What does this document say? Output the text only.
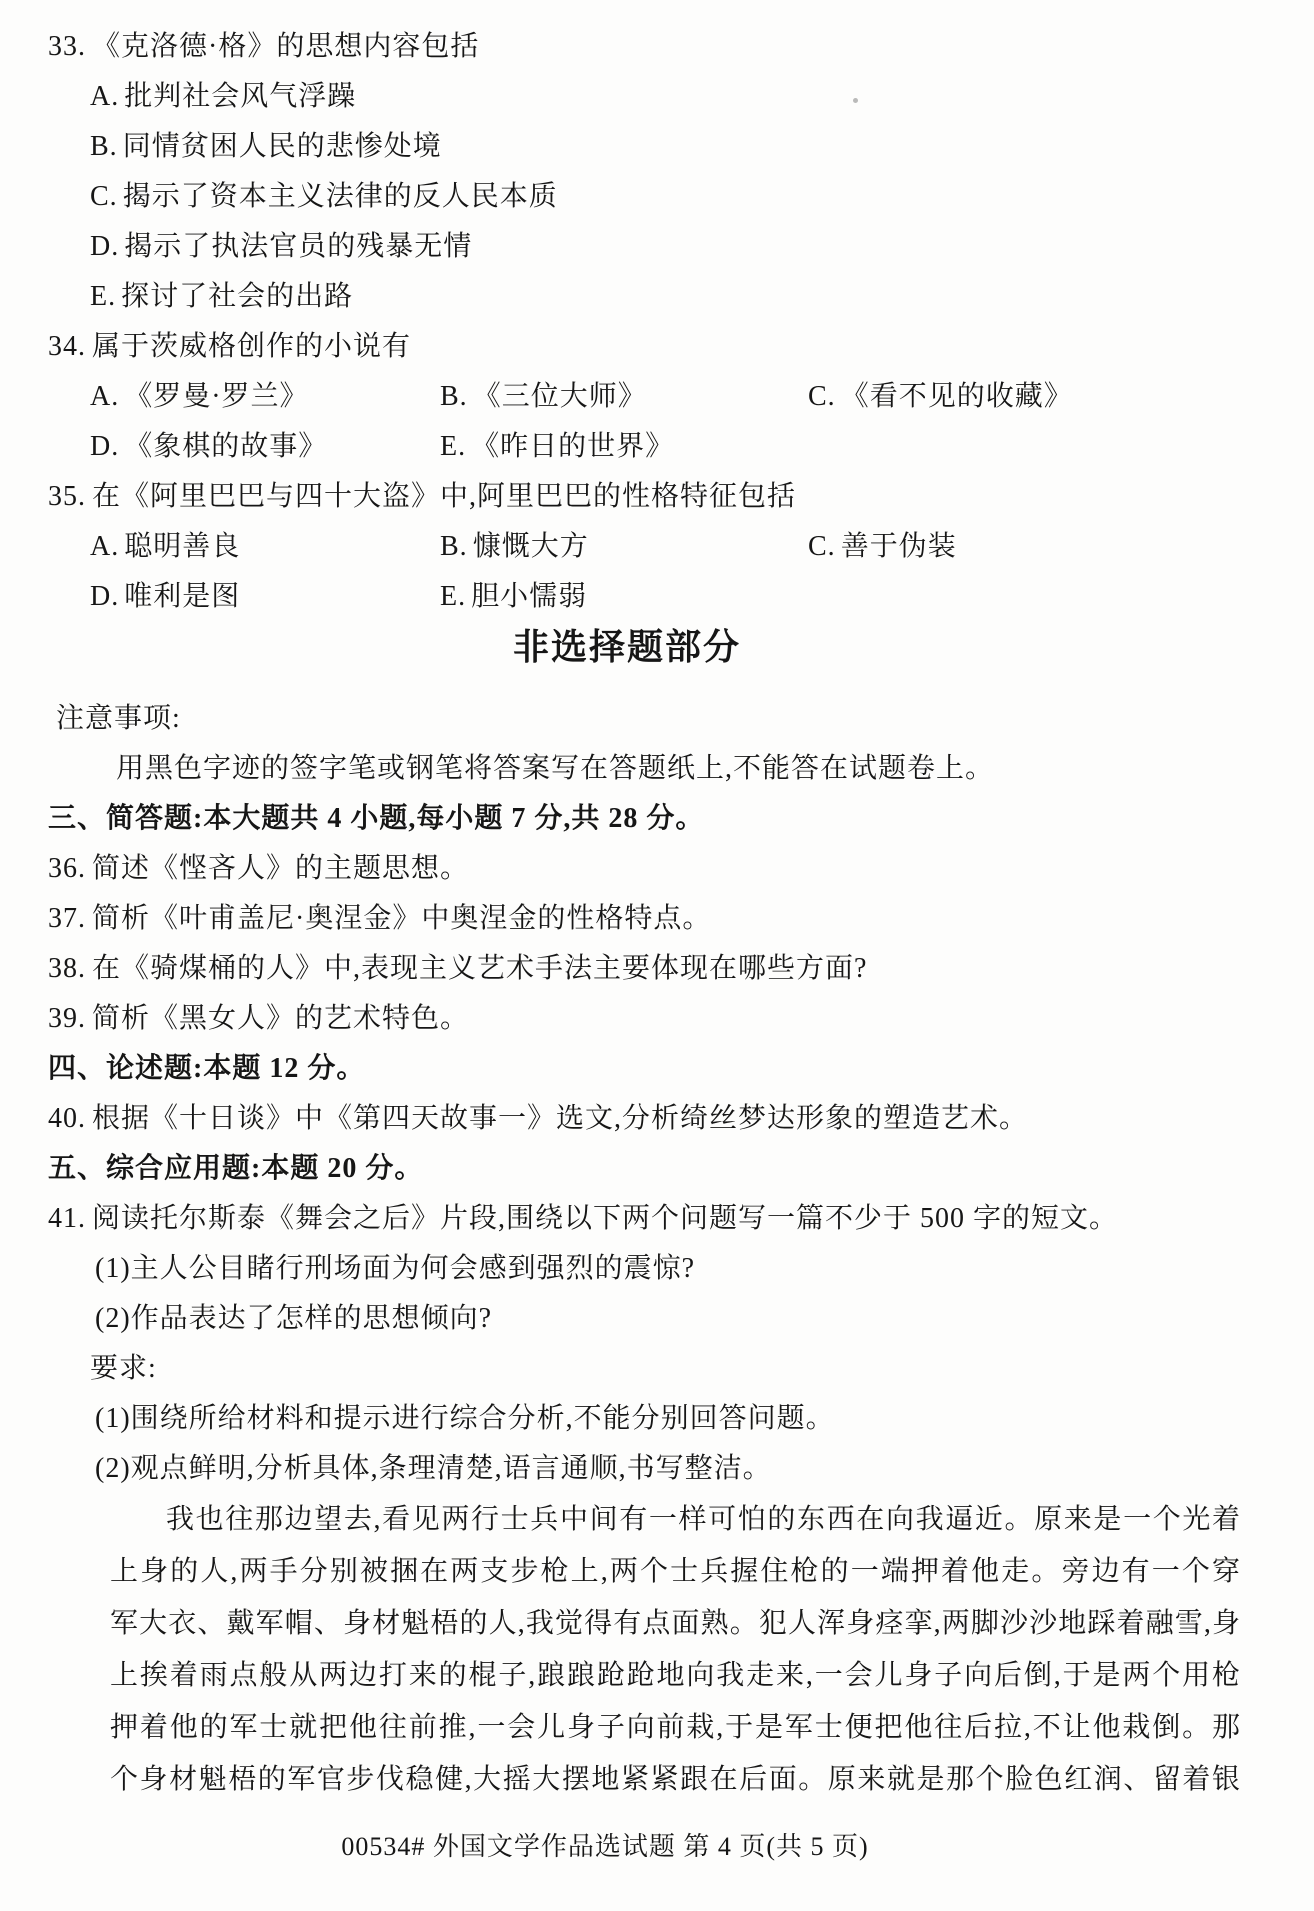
33. 《克洛德·格》的思想内容包括
A. 批判社会风气浮躁
B. 同情贫困人民的悲惨处境
C. 揭示了资本主义法律的反人民本质
D. 揭示了执法官员的残暴无情
E. 探讨了社会的出路
34. 属于茨威格创作的小说有
A. 《罗曼·罗兰》	B. 《三位大师》	C. 《看不见的收藏》
D. 《象棋的故事》	E. 《昨日的世界》
35. 在《阿里巴巴与四十大盗》中,阿里巴巴的性格特征包括
A. 聪明善良	B. 慷慨大方	C. 善于伪装
D. 唯利是图	E. 胆小懦弱
非选择题部分
注意事项:
用黑色字迹的签字笔或钢笔将答案写在答题纸上,不能答在试题卷上。
三、简答题:本大题共 4 小题,每小题 7 分,共 28 分。
36. 简述《悭吝人》的主题思想。
37. 简析《叶甫盖尼·奥涅金》中奥涅金的性格特点。
38. 在《骑煤桶的人》中,表现主义艺术手法主要体现在哪些方面?
39. 简析《黑女人》的艺术特色。
四、论述题:本题 12 分。
40. 根据《十日谈》中《第四天故事一》选文,分析绮丝梦达形象的塑造艺术。
五、综合应用题:本题 20 分。
41. 阅读托尔斯泰《舞会之后》片段,围绕以下两个问题写一篇不少于 500 字的短文。
(1)主人公目睹行刑场面为何会感到强烈的震惊?
(2)作品表达了怎样的思想倾向?
要求:
(1)围绕所给材料和提示进行综合分析,不能分别回答问题。
(2)观点鲜明,分析具体,条理清楚,语言通顺,书写整洁。
我也往那边望去,看见两行士兵中间有一样可怕的东西在向我逼近。原来是一个光着
上身的人,两手分别被捆在两支步枪上,两个士兵握住枪的一端押着他走。旁边有一个穿
军大衣、戴军帽、身材魁梧的人,我觉得有点面熟。犯人浑身痉挛,两脚沙沙地踩着融雪,身
上挨着雨点般从两边打来的棍子,踉踉跄跄地向我走来,一会儿身子向后倒,于是两个用枪
押着他的军士就把他往前推,一会儿身子向前栽,于是军士便把他往后拉,不让他栽倒。那
个身材魁梧的军官步伐稳健,大摇大摆地紧紧跟在后面。原来就是那个脸色红润、留着银
00534# 外国文学作品选试题 第 4 页(共 5 页)
